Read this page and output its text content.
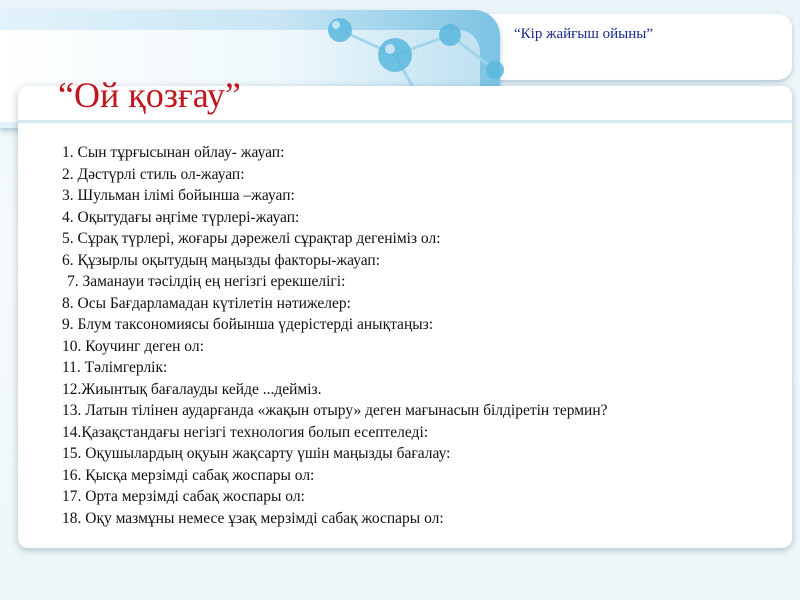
“Кір жайғыш ойыны”
“Ой қозғау”
1. Сын тұрғысынан ойлау- жауап:
2. Дәстүрлі стиль ол-жауап:
3. Шульман ілімі бойынша –жауап:
4. Оқытудағы әңгіме түрлері-жауап:
5. Сұрақ түрлері, жоғары дәрежелі сұрақтар дегеніміз ол:
6. Құзырлы оқытудың маңызды факторы-жауап:
7. Заманауи тәсілдің ең негізгі ерекшелігі:
8. Осы Бағдарламадан күтілетін нәтижелер:
9. Блум таксономиясы бойынша үдерістерді анықтаңыз:
10. Коучинг деген ол:
11. Тәлімгерлік:
12.Жиынтық бағалауды кейде ...дейміз.
13. Латын тілінен аударғанда «жақын отыру» деген мағынасын білдіретін термин?
14.Қазақстандағы негізгі технология болып есептеледі:
15. Оқушылардың оқуын жақсарту үшін маңызды бағалау:
16. Қысқа мерзімді сабақ жоспары ол:
17. Орта мерзімді сабақ жоспары ол:
18. Оқу мазмұны немесе ұзақ мерзімді сабақ жоспары ол:
